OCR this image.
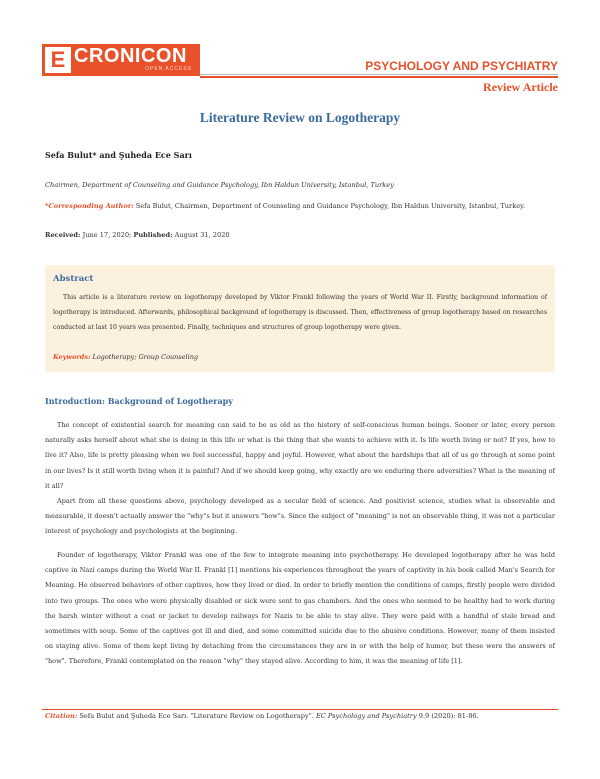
E CRONICON
OPEN ACCESS	PSYCHOLOGY AND PSYCHIATRY
Review Article
Literature Review on Logotherapy
Sefa Bulut* and Şuheda Ece Sarı
Chairmen, Department of Counseling and Guidance Psychology, Ibn Haldun University, Istanbul, Turkey
*Corresponding Author: Sefa Bulut, Chairmen, Department of Counseling and Guidance Psychology, Ibn Haldun University, Istanbul, Turkey.
Received: June 17, 2020; Published: August 31, 2020
Abstract

This article is a literature review on logotherapy developed by Viktor Frankl following the years of World War II. Firstly, background information of logotherapy is introduced. Afterwards, philosophical background of logotherapy is discussed. Then, effectiveness of group logotherapy based on researches conducted at last 10 years was presented. Finally, techniques and structures of group logotherapy were given.

Keywords: Logotherapy; Group Counseling
Introduction: Background of Logotherapy

The concept of existential search for meaning can said to be as old as the history of self-conscious human beings. Sooner or later, every person naturally asks herself about what she is doing in this life or what is the thing that she wants to achieve with it. Is life worth living or not? If yes, how to live it? Also, life is pretty pleasing when we feel successful, happy and joyful. However, what about the hardships that all of us go through at some point in our lives? Is it still worth living when it is painful? And if we should keep going, why exactly are we enduring there adversities? What is the meaning of it all?

Apart from all these questions above, psychology developed as a secular field of science. And positivist science, studies what is observable and measurable, it doesn't actually answer the "why"s but it answers "how"s. Since the subject of "meaning" is not an observable thing, it was not a particular interest of psychology and psychologists at the beginning.

Founder of logotherapy, Viktor Frankl was one of the few to integrate meaning into psychotherapy. He developed logotherapy after he was held captive in Nazi camps during the World War II. Frankl [1] mentions his experiences throughout the years of captivity in his book called Man's Search for Meaning. He observed behaviors of other captives, how they lived or died. In order to briefly mention the conditions of camps, firstly people were divided into two groups. The ones who were physically disabled or sick were sent to gas chambers. And the ones who seemed to be healthy had to work during the harsh winter without a coat or jacket to develop railways for Nazis to be able to stay alive. They were paid with a handful of stale bread and sometimes with soup. Some of the captives got ill and died, and some committed suicide due to the abusive conditions. However, many of them insisted on staying alive. Some of them kept living by detaching from the circumstances they are in or with the help of humor, but these were the answers of "how". Therefore, Frankl contemplated on the reason "why" they stayed alive. According to him, it was the meaning of life [1].

Citation: Sefa Bulut and Şuheda Ece Sarı. "Literature Review on Logotherapy". EC Psychology and Psychiatry 9.9 (2020): 81-86.
